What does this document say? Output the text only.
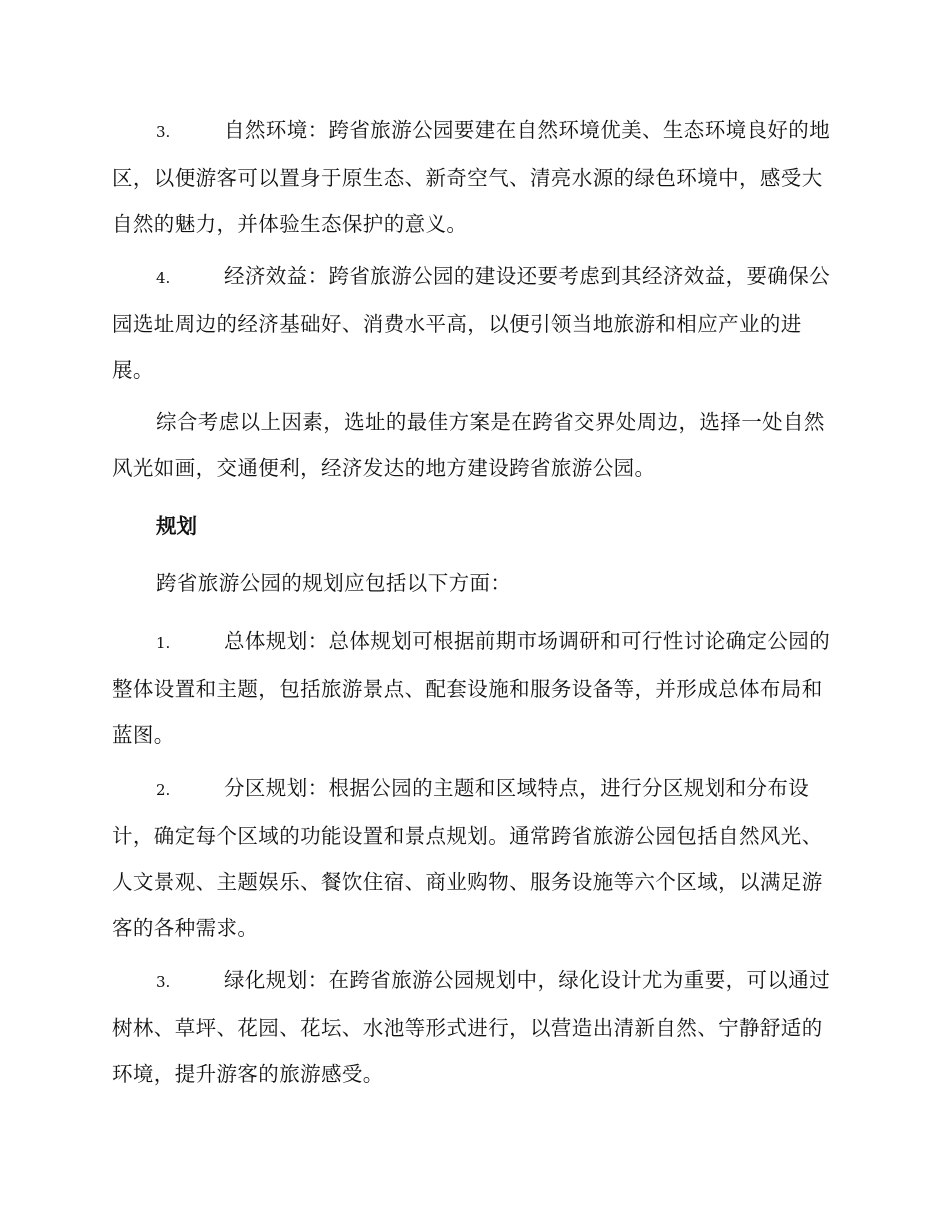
3.	自然环境：跨省旅游公园要建在自然环境优美、生态环境良好的地区，以便游客可以置身于原生态、新奇空气、清亮水源的绿色环境中，感受大自然的魅力，并体验生态保护的意义。

4.	经济效益：跨省旅游公园的建设还要考虑到其经济效益，要确保公园选址周边的经济基础好、消费水平高，以便引领当地旅游和相应产业的进展。

综合考虑以上因素，选址的最佳方案是在跨省交界处周边，选择一处自然风光如画，交通便利，经济发达的地方建设跨省旅游公园。

规划

跨省旅游公园的规划应包括以下方面：

1.	总体规划：总体规划可根据前期市场调研和可行性讨论确定公园的整体设置和主题，包括旅游景点、配套设施和服务设备等，并形成总体布局和蓝图。

2.	分区规划：根据公园的主题和区域特点，进行分区规划和分布设计，确定每个区域的功能设置和景点规划。通常跨省旅游公园包括自然风光、人文景观、主题娱乐、餐饮住宿、商业购物、服务设施等六个区域，以满足游客的各种需求。

3.	绿化规划：在跨省旅游公园规划中，绿化设计尤为重要，可以通过树林、草坪、花园、花坛、水池等形式进行，以营造出清新自然、宁静舒适的环境，提升游客的旅游感受。
